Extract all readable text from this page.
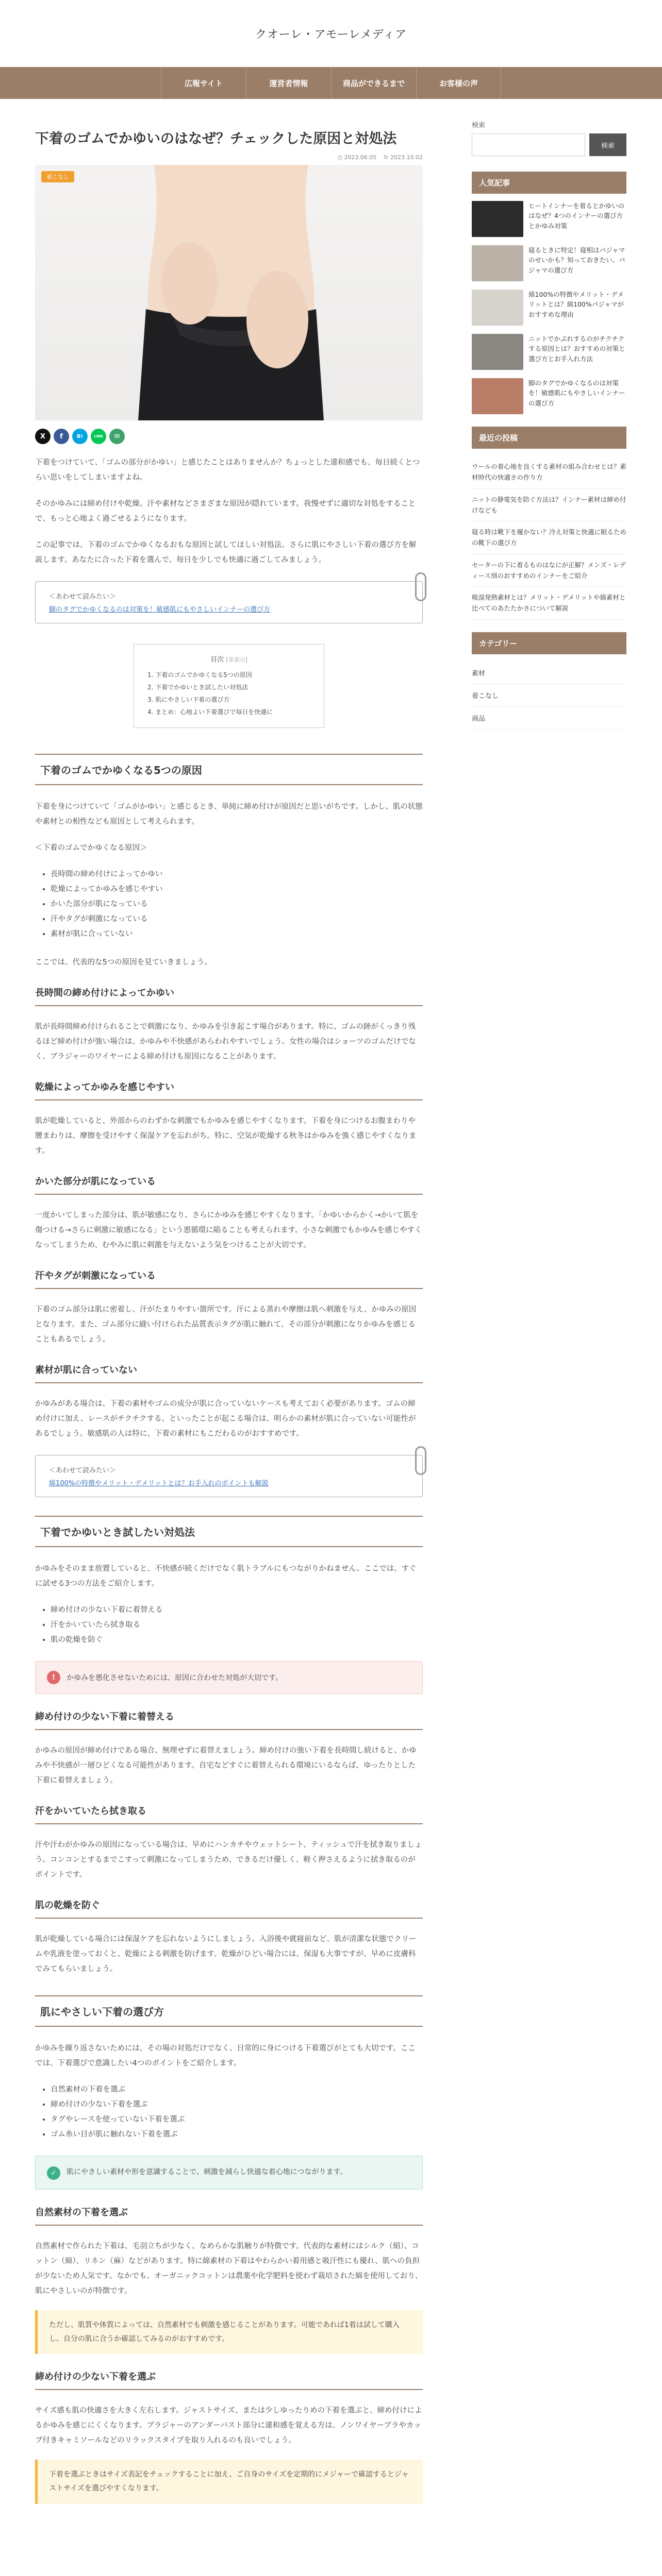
クオーレ・アモーレメディア
広報サイト	運営者情報	商品ができるまで	お客様の声
下着のゴムでかゆいのはなぜ？チェックした原因と対処法
◷ 2023.06.05 ↻ 2023.10.02
着こなし
X	f	B!	LINE	✉

下着をつけていて、「ゴムの部分がかゆい」と感じたことはありませんか？ちょっとした違和感でも、毎日続くとつらい思いをしてしまいますよね。

そのかゆみには締め付けや乾燥、汗や素材などさまざまな原因が隠れています。我慢せずに適切な対処をすることで、もっと心地よく過ごせるようになります。

この記事では、下着のゴムでかゆくなるおもな原因と試してほしい対処法、さらに肌にやさしい下着の選び方を解説します。あなたに合った下着を選んで、毎日を少しでも快適に過ごしてみましょう。

＜あわせて読みたい＞
脚のタグでかゆくなるのは対策を！敏感肌にもやさしいインナーの選び方
目次 [非表示]
1. 下着のゴムでかゆくなる5つの原因
2. 下着でかゆいとき試したい対処法
3. 肌にやさしい下着の選び方
4. まとめ：心地よい下着選びで毎日を快適に
下着のゴムでかゆくなる5つの原因

下着を身につけていて「ゴムがかゆい」と感じるとき、単純に締め付けが原因だと思いがちです。しかし、肌の状態や素材との相性なども原因として考えられます。

＜下着のゴムでかゆくなる原因＞

• 長時間の締め付けによってかゆい
• 乾燥によってかゆみを感じやすい
• かいた部分が肌になっている
• 汗やタグが刺激になっている
• 素材が肌に合っていない

ここでは、代表的な5つの原因を見ていきましょう。

長時間の締め付けによってかゆい

肌が長時間締め付けられることで刺激になり、かゆみを引き起こす場合があります。特に、ゴムの跡がくっきり残るほど締め付けが強い場合は、かゆみや不快感があらわれやすいでしょう。女性の場合はショーツのゴムだけでなく、ブラジャーのワイヤーによる締め付けも原因になることがあります。

乾燥によってかゆみを感じやすい

肌が乾燥していると、外部からのわずかな刺激でもかゆみを感じやすくなります。下着を身につけるお腹まわりや腰まわりは、摩擦を受けやすく保湿ケアを忘れがち。特に、空気が乾燥する秋冬はかゆみを強く感じやすくなります。

かいた部分が肌になっている

一度かいてしまった部分は、肌が敏感になり、さらにかゆみを感じやすくなります。「かゆいからかく→かいて肌を傷つける→さらに刺激に敏感になる」という悪循環に陥ることも考えられます。小さな刺激でもかゆみを感じやすくなってしまうため、むやみに肌に刺激を与えないよう気をつけることが大切です。

汗やタグが刺激になっている

下着のゴム部分は肌に密着し、汗がたまりやすい箇所です。汗による蒸れや摩擦は肌へ刺激を与え、かゆみの原因となります。また、ゴム部分に縫い付けられた品質表示タグが肌に触れて、その部分が刺激になりかゆみを感じることもあるでしょう。

素材が肌に合っていない

かゆみがある場合は、下着の素材やゴムの成分が肌に合っていないケースも考えておく必要があります。ゴムの締め付けに加え、レースがチクチクする、といったことが起こる場合は、明らかの素材が肌に合っていない可能性があるでしょう。敏感肌の人は特に、下着の素材にもこだわるのがおすすめです。

＜あわせて読みたい＞
綿100%の特徴やメリット・デメリットとは？お手入れのポイントも解説
下着でかゆいとき試したい対処法

かゆみをそのまま放置していると、不快感が続くだけでなく肌トラブルにもつながりかねません。ここでは、すぐに試せる3つの方法をご紹介します。

• 締め付けの少ない下着に着替える
• 汗をかいていたら拭き取る
• 肌の乾燥を防ぐ
!	かゆみを悪化させないためには、原因に合わせた対処が大切です。
締め付けの少ない下着に着替える

かゆみの原因が締め付けである場合、無理せずに着替えましょう。締め付けの強い下着を長時間し続けると、かゆみや不快感が一層ひどくなる可能性があります。自宅などすぐに着替えられる環境にいるならば、ゆったりとした下着に着替えましょう。

汗をかいていたら拭き取る

汗や汗わがかゆみの原因になっている場合は、早めにハンカチやウェットシート、ティッシュで汗を拭き取りましょう。コンコンとするまでこすって刺激になってしまうため、できるだけ優しく、軽く押さえるように拭き取るのがポイントです。

肌の乾燥を防ぐ

肌が乾燥している場合には保湿ケアを忘れないようにしましょう。入浴後や就寝前など、肌が清潔な状態でクリームや乳液を塗っておくと、乾燥による刺激を防げます。乾燥がひどい場合には、保湿も大事ですが、早めに皮膚科でみてもらいましょう。

肌にやさしい下着の選び方

かゆみを繰り返さないためには、その場の対処だけでなく、日常的に身につける下着選びがとても大切です。ここでは、下着選びで意識したい4つのポイントをご紹介します。

• 自然素材の下着を選ぶ
• 締め付けの少ない下着を選ぶ
• タグやレースを使っていない下着を選ぶ
• ゴム糸い目が肌に触れない下着を選ぶ
✓	肌にやさしい素材や形を意識することで、刺激を減らし快適な着心地につながります。
自然素材の下着を選ぶ

自然素材で作られた下着は、毛羽立ちが少なく、なめらかな肌触りが特徴です。代表的な素材にはシルク（絹）、コットン（綿）、リネン（麻）などがあります。特に綿素材の下着はやわらかい着用感と吸汗性にも優れ、肌への負担が少ないため人気です。なかでも、オーガニックコットンは農薬や化学肥料を使わず栽培された綿を使用しており、肌にやさしいのが特徴です。

ただし、肌質や体質によっては、自然素材でも刺激を感じることがあります。可能であれば1着は試して購入し、自分の肌に合うか確認してみるのがおすすめです。
締め付けの少ない下着を選ぶ

サイズ感も肌の快適さを大きく左右します。ジャストサイズ、または少しゆったりめの下着を選ぶと、締め付けによるかゆみを感じにくくなります。ブラジャーのアンダーバスト部分に違和感を覚える方は、ノンワイヤーブラやカップ付きキャミソールなどのリラックスタイプを取り入れるのも良いでしょう。

下着を選ぶときはサイズ表記をチェックすることに加え、ご自身のサイズを定期的にメジャーで確認するとジャストサイズを選びやすくなります。
検索
検索
人気記事
ヒートインナーを着るとかゆいのはなぜ？4つのインナーの選び方とかゆみ対策
寝るときに特定！寝相はパジャマのせいかも？知っておきたい、パジャマの選び方
綿100%の特徴やメリット・デメリットとは？綿100%パジャマがおすすめな理由
ニットでかぶれするのがチクチクする原因とは？おすすめの対策と選び方とお手入れ方法
脚のタグでかゆくなるのは対策を！敏感肌にもやさしいインナーの選び方
最近の投稿
ウールの着心地を良くする素材の組み合わせとは？素材時代の快適さの作り方
ニットの静電気を防ぐ方法は？インナー素材は締め付けなども
寝る時は靴下を履かない？冷え対策と快適に眠るための靴下の選び方
セーターの下に着るものはなにが正解？メンズ・レディース別のおすすめのインナーをご紹介
吸湿発熱素材とは？メリット・デメリットや綿素材と比べてのあたたかさについて解説
カテゴリー
素材
着こなし
商品
